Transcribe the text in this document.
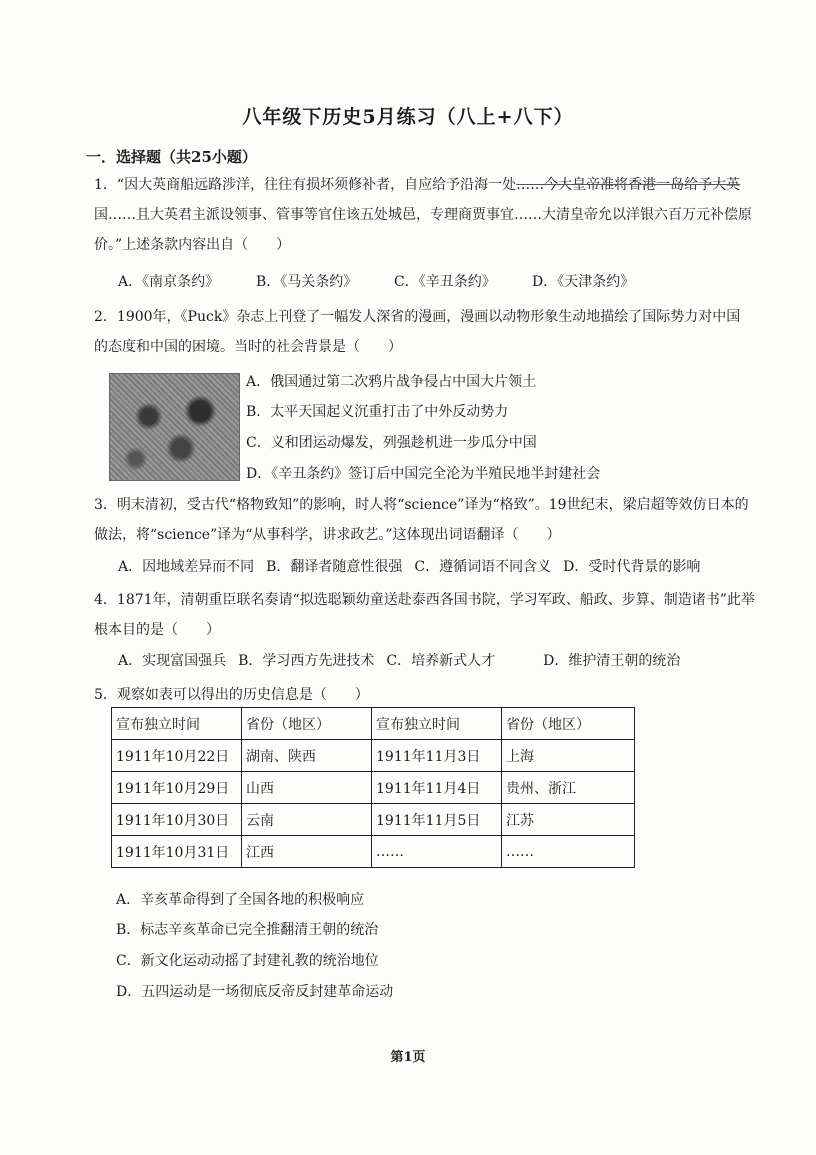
八年级下历史5月练习（八上+八下）
一．选择题（共25小题）
1．“因大英商船远路涉洋，往往有损坏须修补者，自应给予沿海一处……今大皇帝准将香港一岛给予大英国……且大英君主派设领事、管事等官住该五处城邑，专理商贾事宜……大清皇帝允以洋银六百万元补偿原价。”上述条款内容出自（　　）
A．《南京条约》	B．《马关条约》	C．《辛丑条约》	D．《天津条约》
2．1900年，《Puck》杂志上刊登了一幅发人深省的漫画，漫画以动物形象生动地描绘了国际势力对中国的态度和中国的困境。当时的社会背景是（　　）
A．俄国通过第二次鸦片战争侵占中国大片领土
B．太平天国起义沉重打击了中外反动势力
C．义和团运动爆发，列强趁机进一步瓜分中国
D．《辛丑条约》签订后中国完全沦为半殖民地半封建社会
3．明末清初，受古代“格物致知”的影响，时人将“science”译为“格致”。19世纪末，梁启超等效仿日本的做法，将“science”译为“从事科学，讲求政艺。”这体现出词语翻译（　　）
A．因地域差异而不同 B．翻译者随意性很强 C．遵循词语不同含义 D．受时代背景的影响
4．1871年，清朝重臣联名奏请“拟选聪颖幼童送赴泰西各国书院，学习军政、船政、步算、制造诸书”此举根本目的是（　　）
A．实现富国强兵 B．学习西方先进技术 C．培养新式人才	D．维护清王朝的统治
5．观察如表可以得出的历史信息是（　　）
宣布独立时间	省份（地区）	宣布独立时间	省份（地区）
1911年10月22日	湖南、陕西	1911年11月3日	上海
1911年10月29日	山西	1911年11月4日	贵州、浙江
1911年10月30日	云南	1911年11月5日	江苏
1911年10月31日	江西	……	……
A．辛亥革命得到了全国各地的积极响应
B．标志辛亥革命已完全推翻清王朝的统治
C．新文化运动动摇了封建礼教的统治地位
D．五四运动是一场彻底反帝反封建革命运动
第1页
